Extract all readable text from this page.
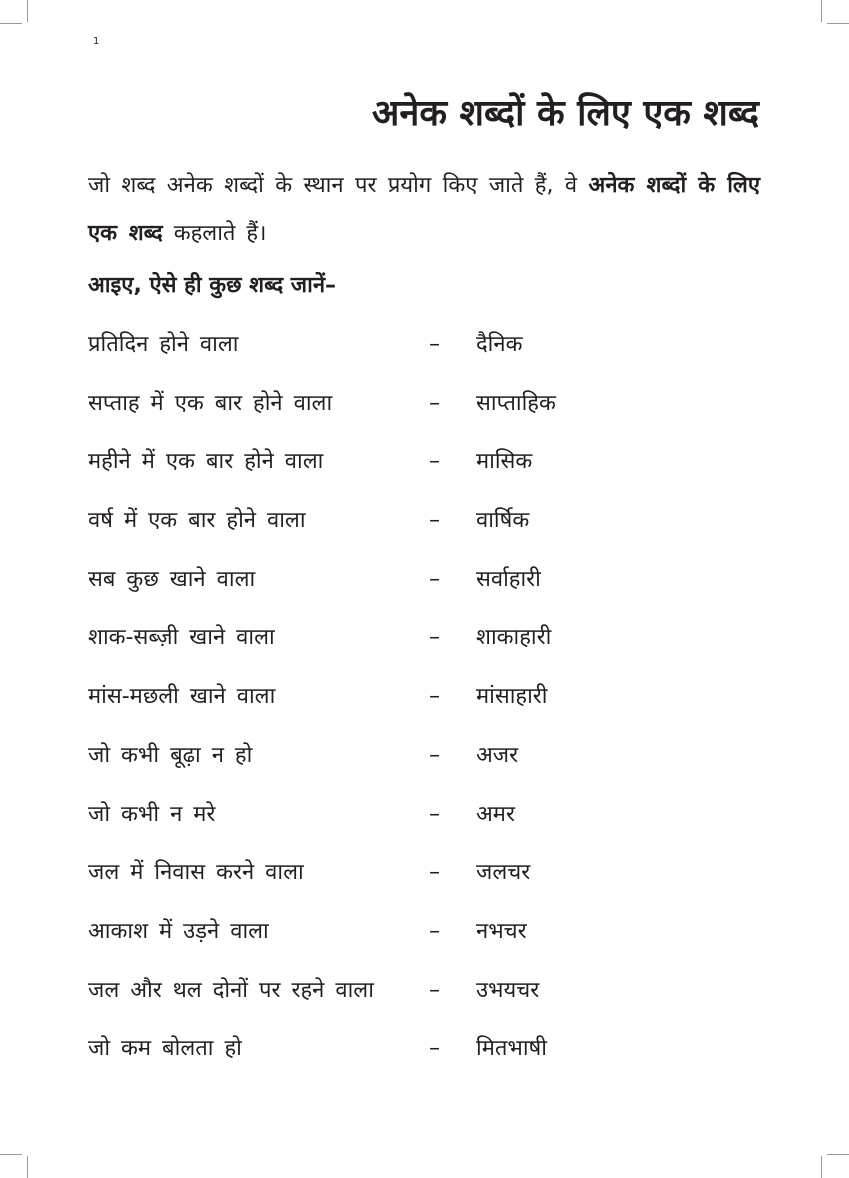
1
अनेक शब्दों के लिए एक शब्द

जो शब्द अनेक शब्दों के स्थान पर प्रयोग किए जाते हैं, वे अनेक शब्दों के लिए एक शब्द कहलाते हैं।

आइए, ऐसे ही कुछ शब्द जानें–
प्रतिदिन होने वाला	– दैनिक
सप्ताह में एक बार होने वाला	– साप्ताहिक
महीने में एक बार होने वाला	– मासिक
वर्ष में एक बार होने वाला	– वार्षिक
सब कुछ खाने वाला	– सर्वाहारी
शाक-सब्ज़ी खाने वाला	– शाकाहारी
मांस-मछली खाने वाला	– मांसाहारी
जो कभी बूढ़ा न हो	– अजर
जो कभी न मरे	– अमर
जल में निवास करने वाला	– जलचर
आकाश में उड़ने वाला	– नभचर
जल और थल दोनों पर रहने वाला	– उभयचर
जो कम बोलता हो	– मितभाषी
